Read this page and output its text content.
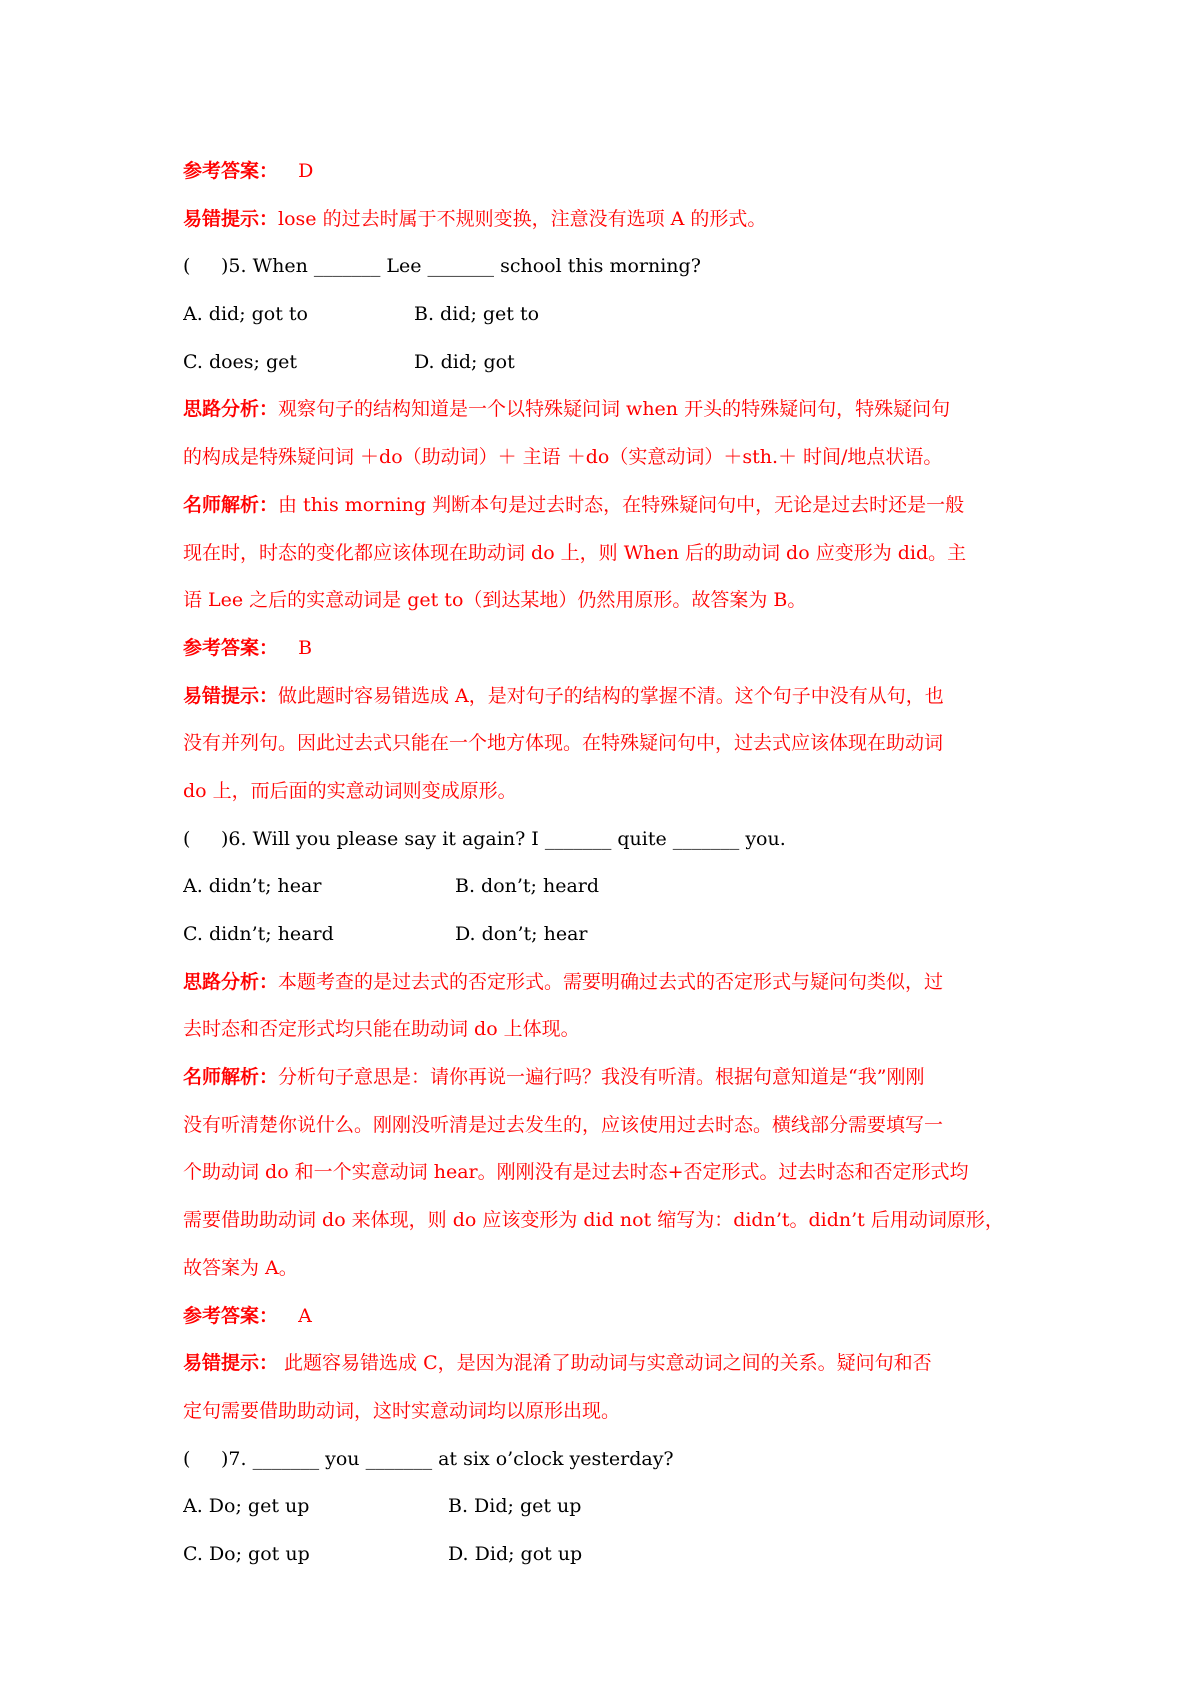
参考答案： D
易错提示：lose 的过去时属于不规则变换，注意没有选项 A 的形式。
( )5. When _______ Lee _______ school this morning?
A. did; got to	B. did; get to
C. does; get	D. did; got
思路分析：观察句子的结构知道是一个以特殊疑问词 when 开头的特殊疑问句，特殊疑问句
的构成是特殊疑问词 ＋do（助动词）＋ 主语 ＋do（实意动词）＋sth.＋ 时间/地点状语。
名师解析：由 this morning 判断本句是过去时态，在特殊疑问句中，无论是过去时还是一般
现在时，时态的变化都应该体现在助动词 do 上，则 When 后的助动词 do 应变形为 did。主
语 Lee 之后的实意动词是 get to（到达某地）仍然用原形。故答案为 B。
参考答案： B
易错提示：做此题时容易错选成 A，是对句子的结构的掌握不清。这个句子中没有从句，也
没有并列句。因此过去式只能在一个地方体现。在特殊疑问句中，过去式应该体现在助动词
do 上，而后面的实意动词则变成原形。
( )6. Will you please say it again? I _______ quite _______ you.
A. didn’t; hear	B. don’t; heard
C. didn’t; heard	D. don’t; hear
思路分析：本题考查的是过去式的否定形式。需要明确过去式的否定形式与疑问句类似，过
去时态和否定形式均只能在助动词 do 上体现。
名师解析：分析句子意思是：请你再说一遍行吗？我没有听清。根据句意知道是“我”刚刚
没有听清楚你说什么。刚刚没听清是过去发生的，应该使用过去时态。横线部分需要填写一
个助动词 do 和一个实意动词 hear。刚刚没有是过去时态+否定形式。过去时态和否定形式均
需要借助助动词 do 来体现，则 do 应该变形为 did not 缩写为：didn’t。didn’t 后用动词原形，
故答案为 A。
参考答案： A
易错提示： 此题容易错选成 C，是因为混淆了助动词与实意动词之间的关系。疑问句和否
定句需要借助助动词，这时实意动词均以原形出现。
( )7. _______ you _______ at six o’clock yesterday?
A. Do; get up	B. Did; get up
C. Do; got up	D. Did; got up
